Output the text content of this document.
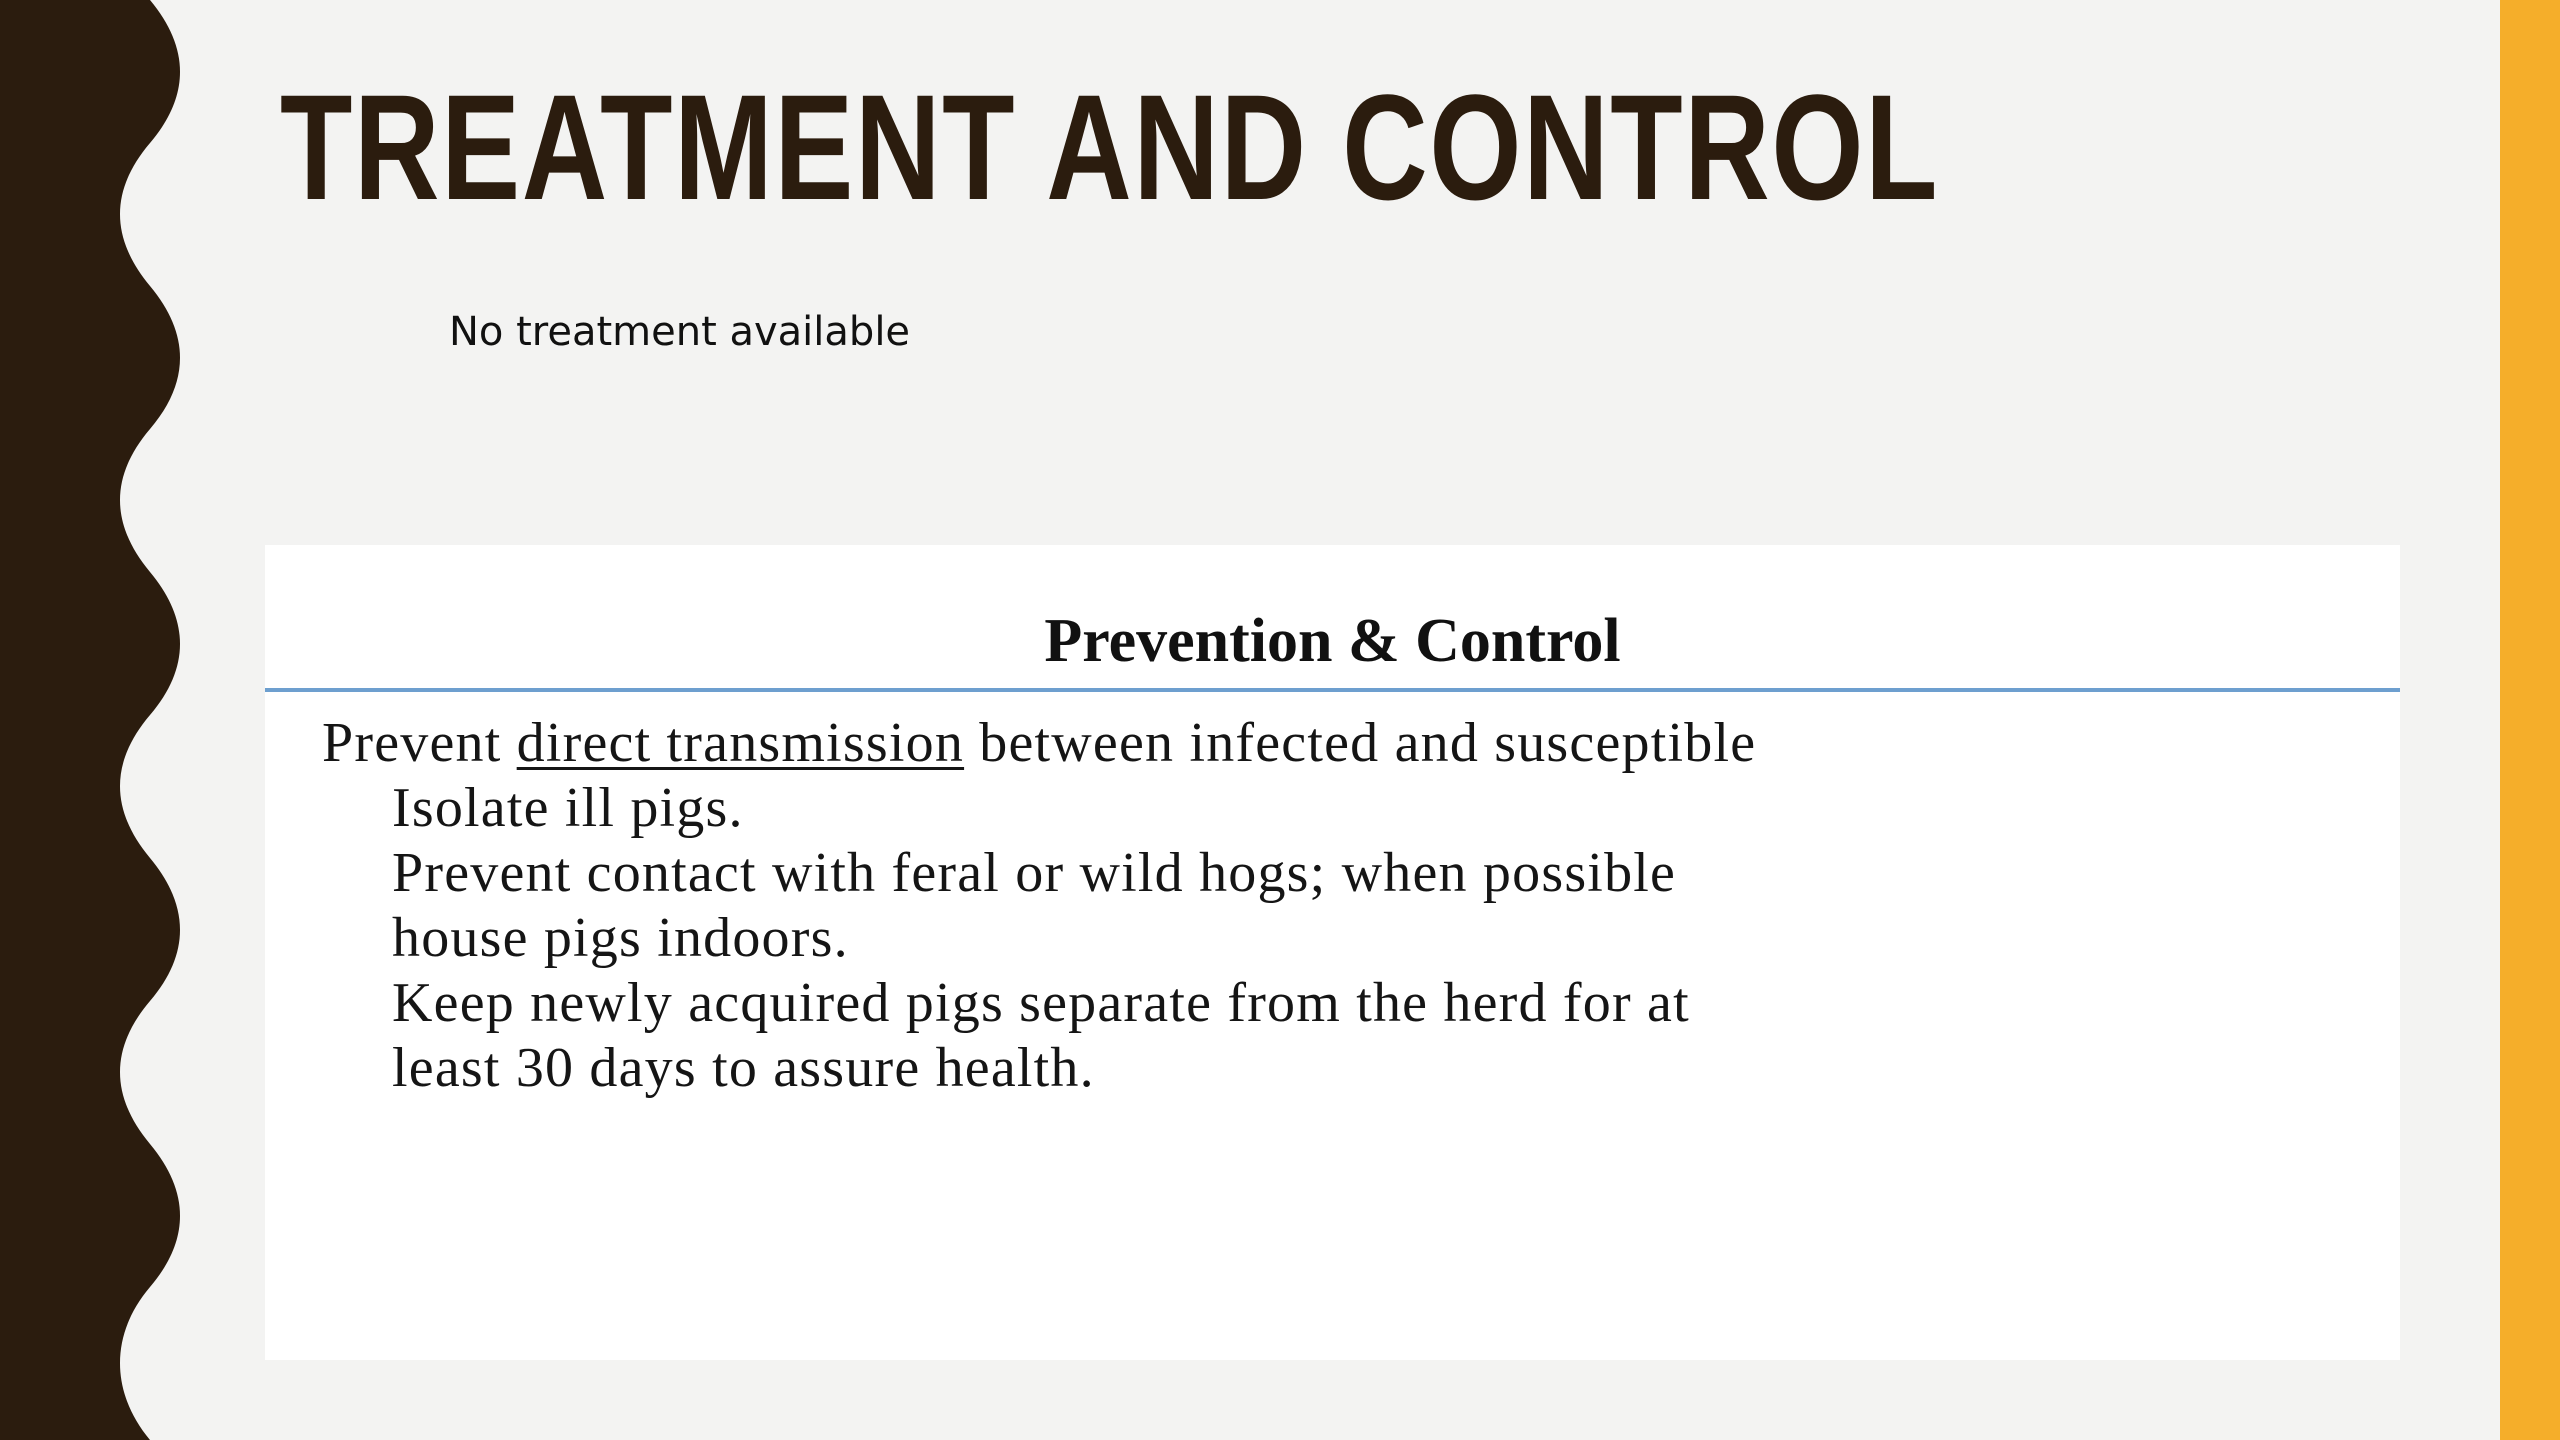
TREATMENT AND CONTROL
No treatment available
Prevention & Control
Prevent direct transmission between infected and susceptible
Isolate ill pigs.
Prevent contact with feral or wild hogs; when possible
house pigs indoors.
Keep newly acquired pigs separate from the herd for at
least 30 days to assure health.
